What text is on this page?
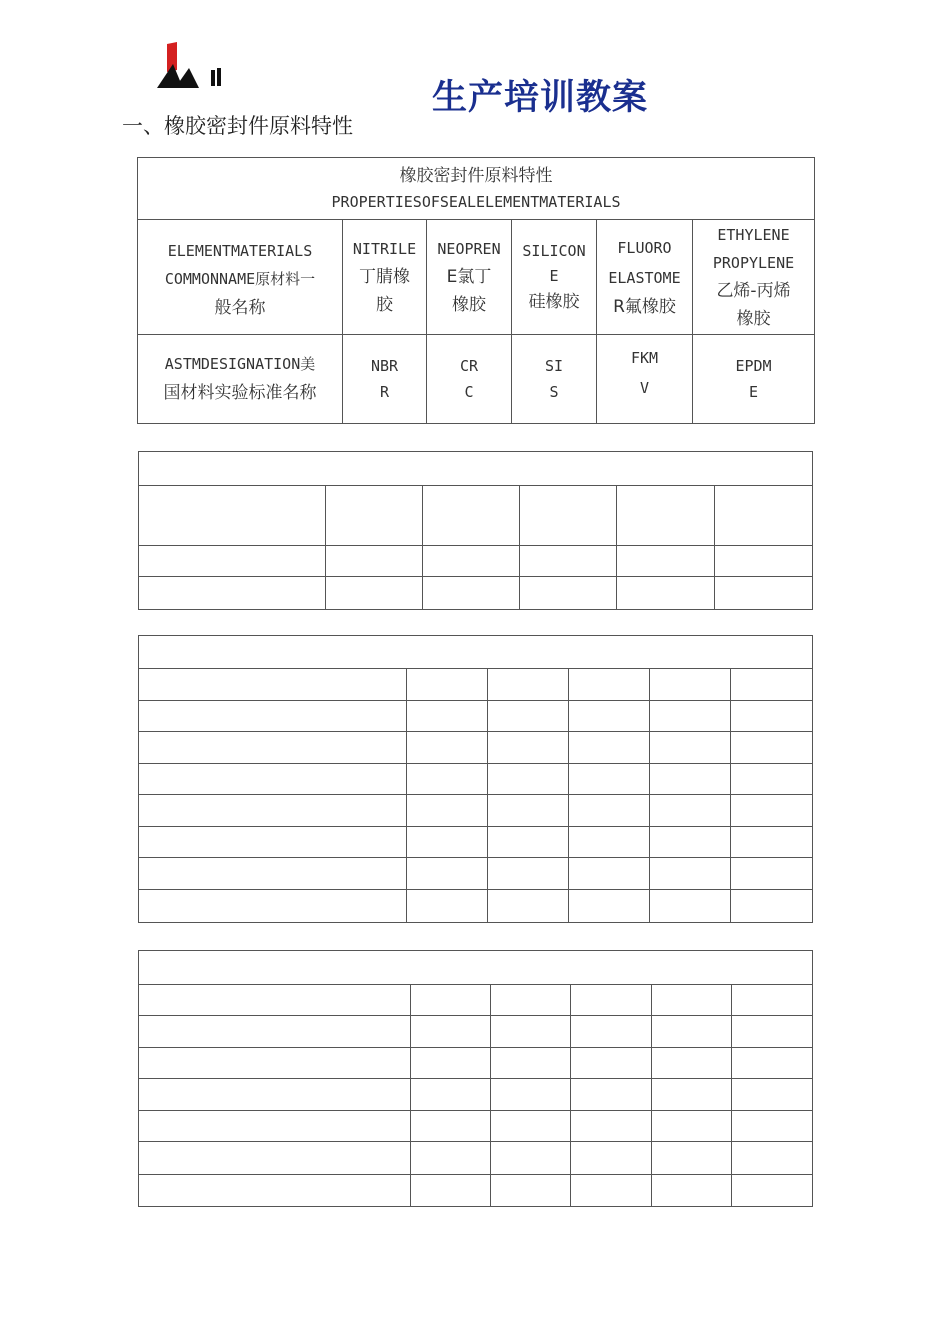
生产培训教案
一、橡胶密封件原料特性
橡胶密封件原料特性
PROPERTIESOFSEALELEMENTMATERIALS					

ELEMENTMATERIALS
COMMONNAME原材料一
般名称	NITRILE
丁腈橡
胶	NEOPREN
E氯丁
橡胶	SILICON
E
硅橡胶	FLUORO
ELASTOME
R氟橡胶	ETHYLENE
PROPYLENE
乙烯-丙烯
橡胶

ASTMDESIGNATION美
国材料实验标准名称	NBR
R	CR
C	SI
S	FKM
V	EPDM
E
